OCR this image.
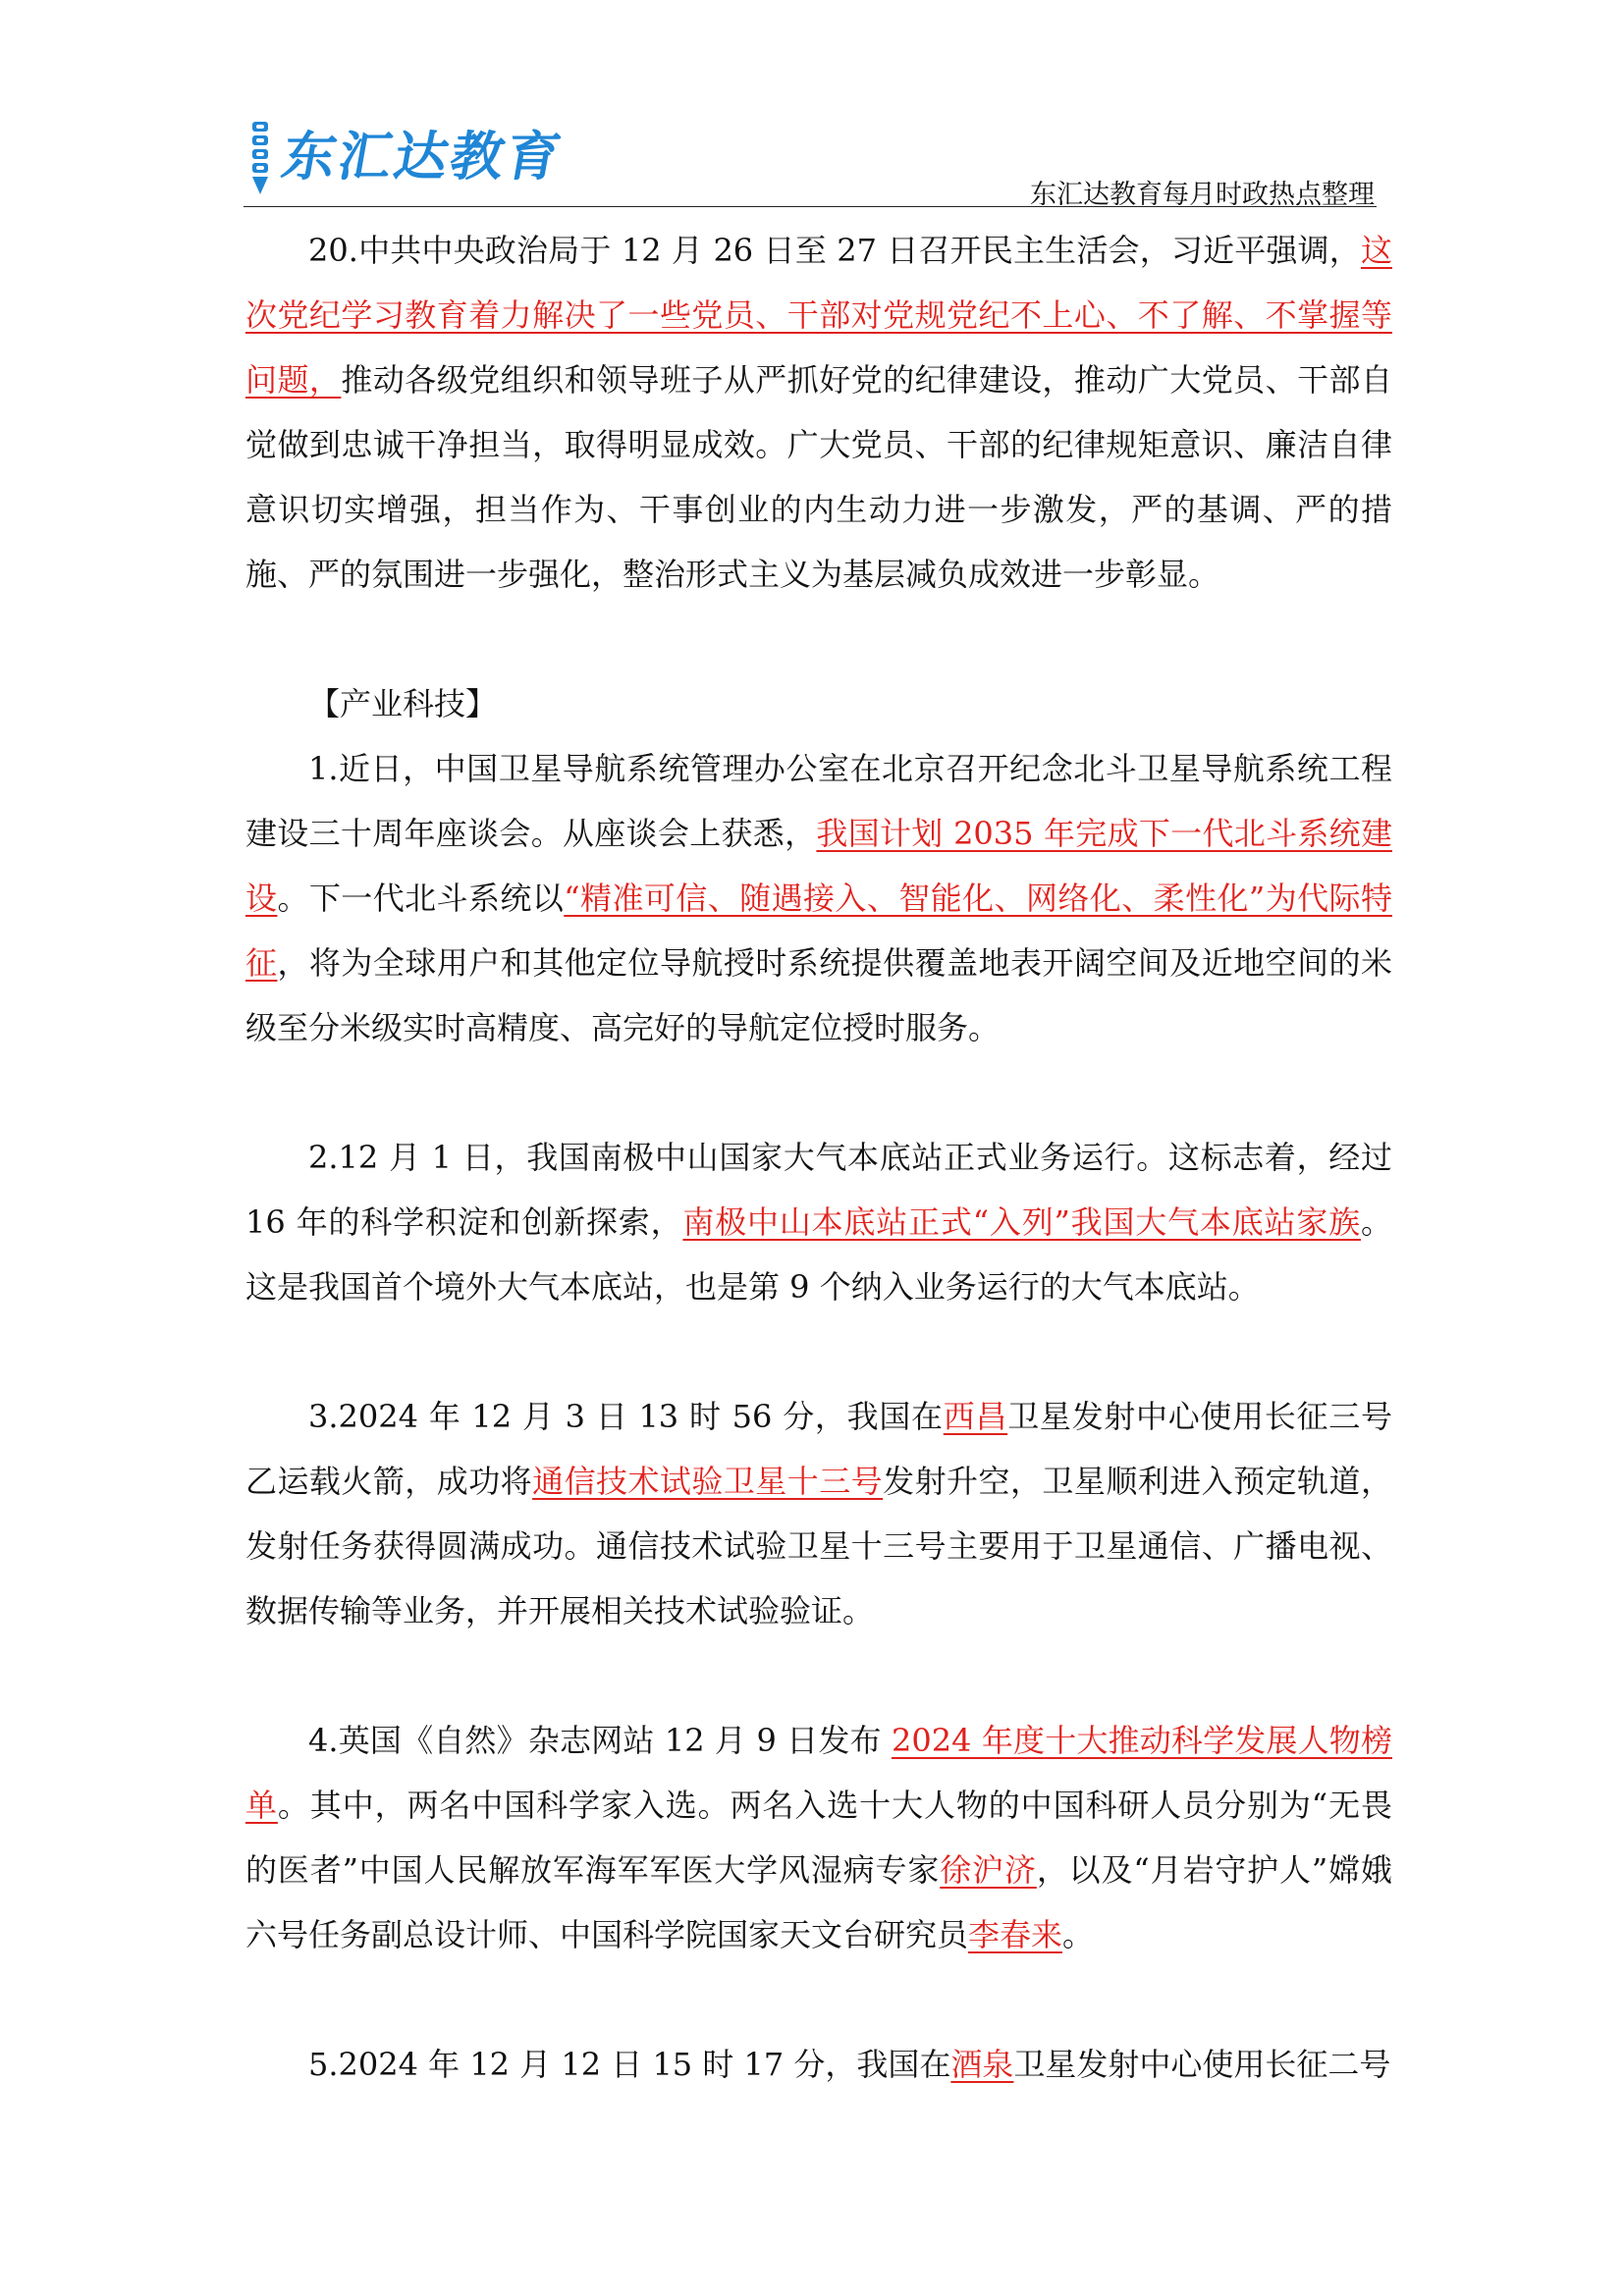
东汇达教育
东汇达教育每月时政热点整理

20.中共中央政治局于 12 月 26 日至 27 日召开民主生活会，习近平强调，这次党纪学习教育着力解决了一些党员、干部对党规党纪不上心、不了解、不掌握等问题，推动各级党组织和领导班子从严抓好党的纪律建设，推动广大党员、干部自觉做到忠诚干净担当，取得明显成效。广大党员、干部的纪律规矩意识、廉洁自律意识切实增强，担当作为、干事创业的内生动力进一步激发，严的基调、严的措施、严的氛围进一步强化，整治形式主义为基层减负成效进一步彰显。

【产业科技】

1.近日，中国卫星导航系统管理办公室在北京召开纪念北斗卫星导航系统工程建设三十周年座谈会。从座谈会上获悉，我国计划 2035 年完成下一代北斗系统建设。下一代北斗系统以“精准可信、随遇接入、智能化、网络化、柔性化”为代际特征，将为全球用户和其他定位导航授时系统提供覆盖地表开阔空间及近地空间的米级至分米级实时高精度、高完好的导航定位授时服务。

2.12 月 1 日，我国南极中山国家大气本底站正式业务运行。这标志着，经过 16 年的科学积淀和创新探索，南极中山本底站正式“入列”我国大气本底站家族。这是我国首个境外大气本底站，也是第 9 个纳入业务运行的大气本底站。

3.2024 年 12 月 3 日 13 时 56 分，我国在西昌卫星发射中心使用长征三号乙运载火箭，成功将通信技术试验卫星十三号发射升空，卫星顺利进入预定轨道，发射任务获得圆满成功。通信技术试验卫星十三号主要用于卫星通信、广播电视、数据传输等业务，并开展相关技术试验验证。

4.英国《自然》杂志网站 12 月 9 日发布 2024 年度十大推动科学发展人物榜单。其中，两名中国科学家入选。两名入选十大人物的中国科研人员分别为“无畏的医者”中国人民解放军海军军医大学风湿病专家徐沪济，以及“月岩守护人”嫦娥六号任务副总设计师、中国科学院国家天文台研究员李春来。

5.2024 年 12 月 12 日 15 时 17 分，我国在酒泉卫星发射中心使用长征二号
